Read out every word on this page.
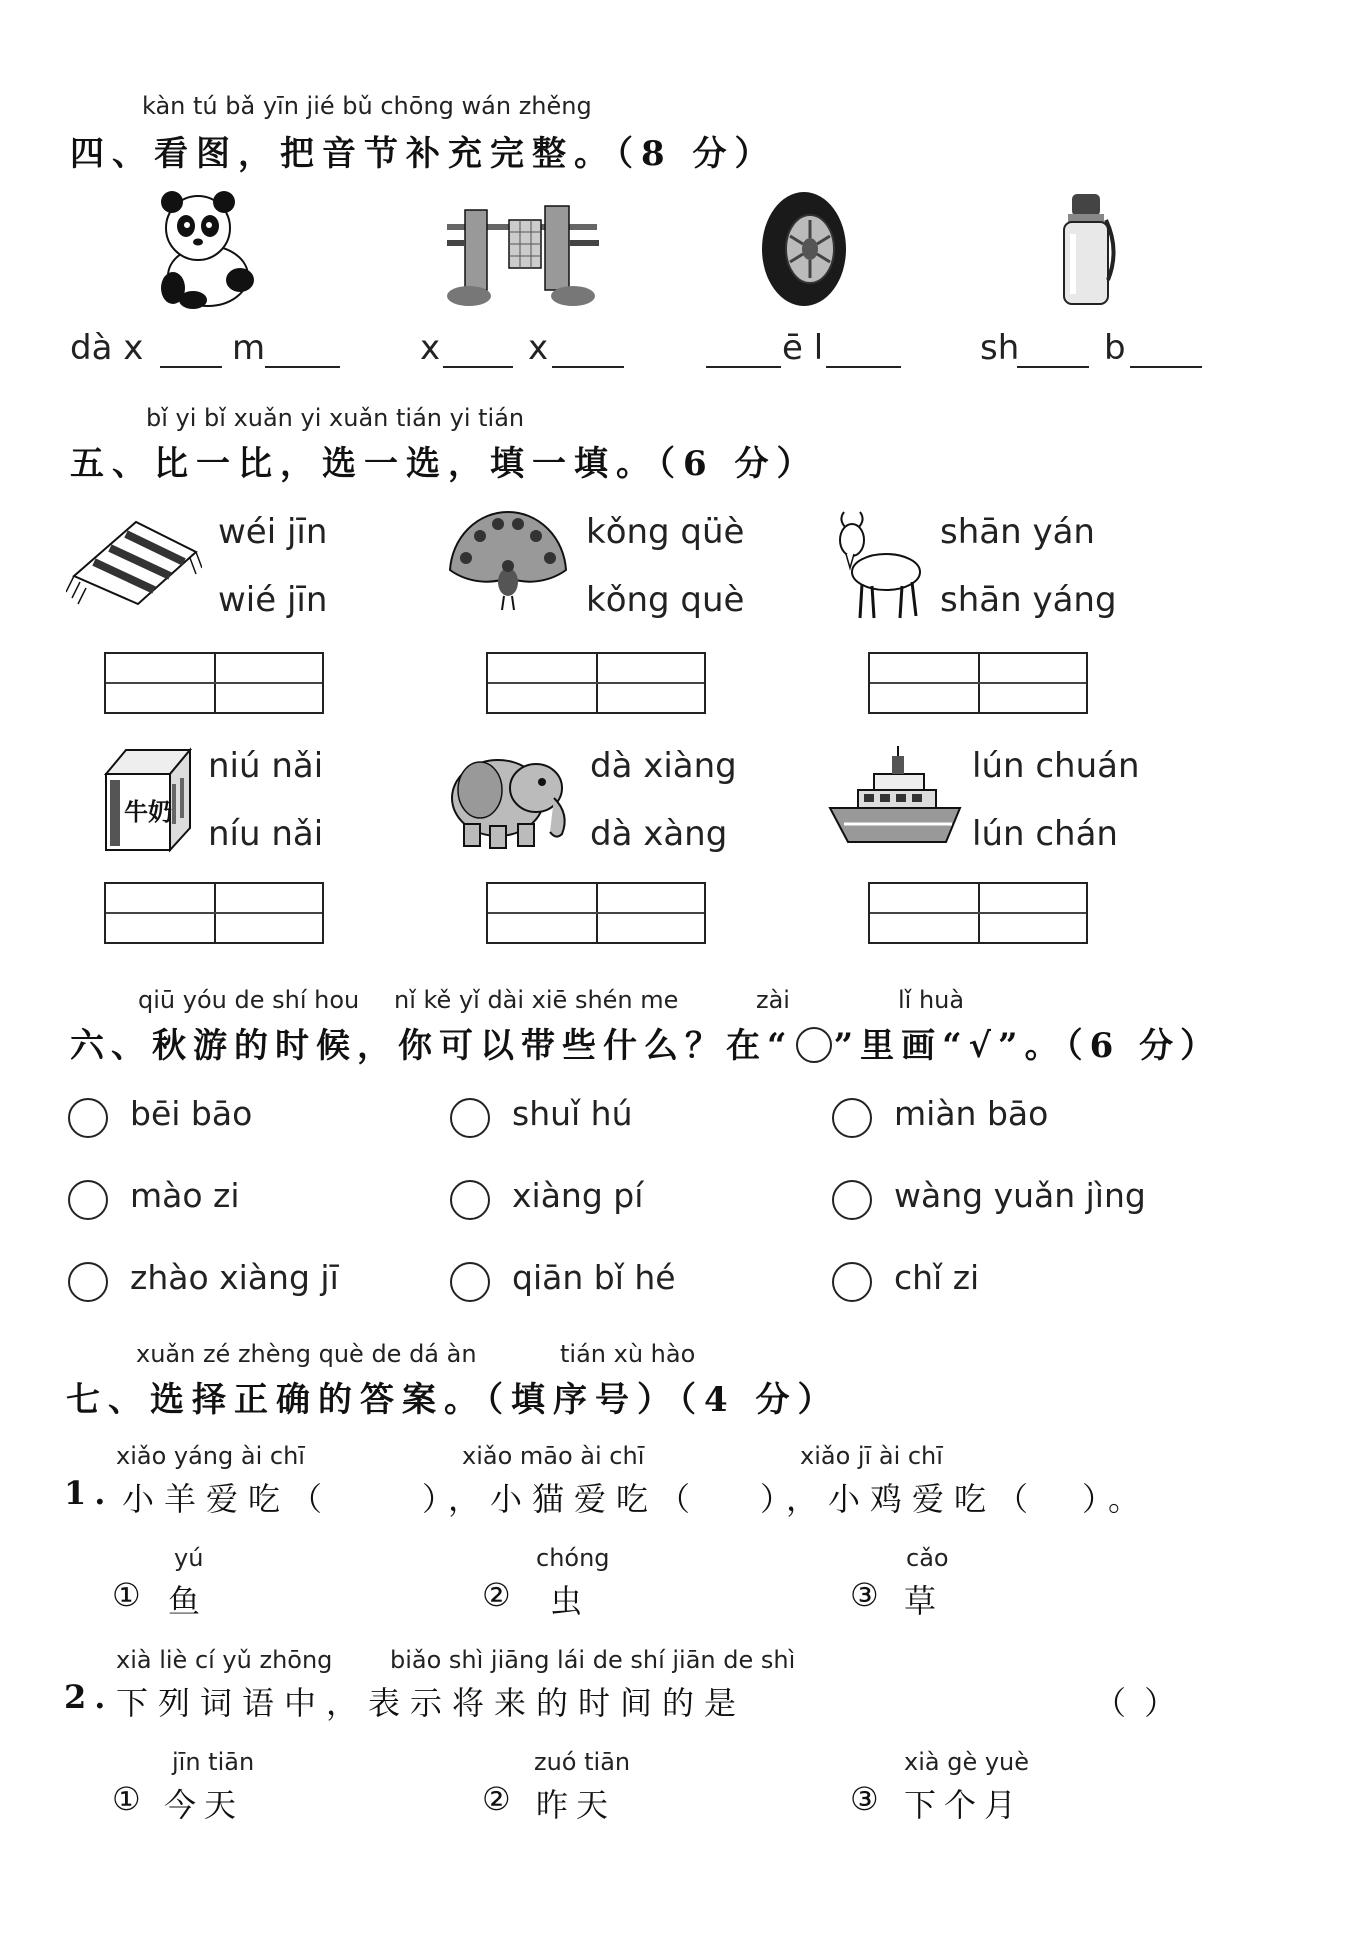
kàn tú bǎ yīn jié bǔ chōng wán zhěng
四、看图，把音节补充完整。（8 分）
dà x	m	x	x	ē l	sh b
bǐ yi bǐ xuǎn yi xuǎn tián yi tián
五、比一比，选一选，填一填。（6 分）
wéi jīn
wié jīn
kǒng qüè
kǒng què
shān yán
shān yáng
牛奶
niú nǎi
níu nǎi
dà xiàng
dà xàng
lún chuán
lún chán
qiū yóu de shí hou nǐ kě yǐ dài xiē shén me	zài	lǐ huà
六、秋游的时候，你可以带些什么？在“ ”里画“√”。（6 分）
bēi bāo	shuǐ hú	miàn bāo
mào zi	xiàng pí	wàng yuǎn jìng
zhào xiàng jī	qiān bǐ hé	chǐ zi
xuǎn zé zhèng què de dá àn	tián xù hào
七、选择正确的答案。（填序号）（4 分）
xiǎo yáng ài chī	xiǎo māo ài chī	xiǎo jī ài chī
1. 小羊爱吃（	），小猫爱吃（ ），小鸡爱吃（ ）。
yú
① 鱼
chóng
② 虫
cǎo
③ 草
xià liè cí yǔ zhōng biǎo shì jiāng lái de shí jiān de shì
2. 下列词语中，表示将来的时间的是	（ ）
jīn tiān
① 今天
zuó tiān
② 昨天
xià gè yuè
③ 下个月
